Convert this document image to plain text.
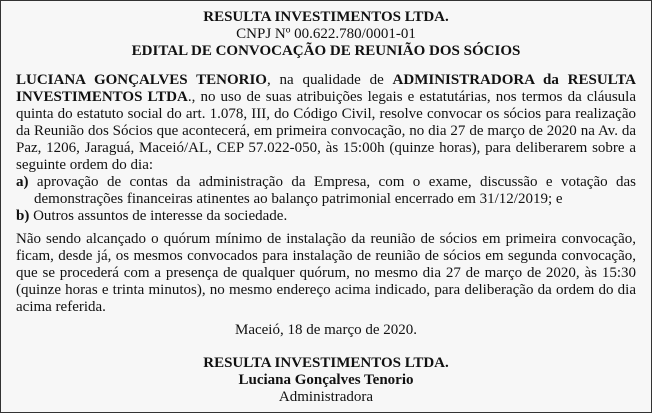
RESULTA INVESTIMENTOS LTDA.
CNPJ Nº 00.622.780/0001-01
EDITAL DE CONVOCAÇÃO DE REUNIÃO DOS SÓCIOS

LUCIANA GONÇALVES TENORIO, na qualidade de ADMINISTRADORA da RESULTA INVESTIMENTOS LTDA., no uso de suas atribuições legais e estatutárias, nos termos da cláusula quinta do estatuto social do art. 1.078, III, do Código Civil, resolve convocar os sócios para realização da Reunião dos Sócios que acontecerá, em primeira convocação, no dia 27 de março de 2020 na Av. da Paz, 1206, Jaraguá, Maceió/AL, CEP 57.022-050, às 15:00h (quinze horas), para deliberarem sobre a seguinte ordem do dia:
a) aprovação de contas da administração da Empresa, com o exame, discussão e votação das demonstrações financeiras atinentes ao balanço patrimonial encerrado em 31/12/2019; e
b) Outros assuntos de interesse da sociedade.

Não sendo alcançado o quórum mínimo de instalação da reunião de sócios em primeira convocação, ficam, desde já, os mesmos convocados para instalação de reunião de sócios em segunda convocação, que se procederá com a presença de qualquer quórum, no mesmo dia 27 de março de 2020, às 15:30 (quinze horas e trinta minutos), no mesmo endereço acima indicado, para deliberação da ordem do dia acima referida.

Maceió, 18 de março de 2020.
RESULTA INVESTIMENTOS LTDA.
Luciana Gonçalves Tenorio
Administradora
